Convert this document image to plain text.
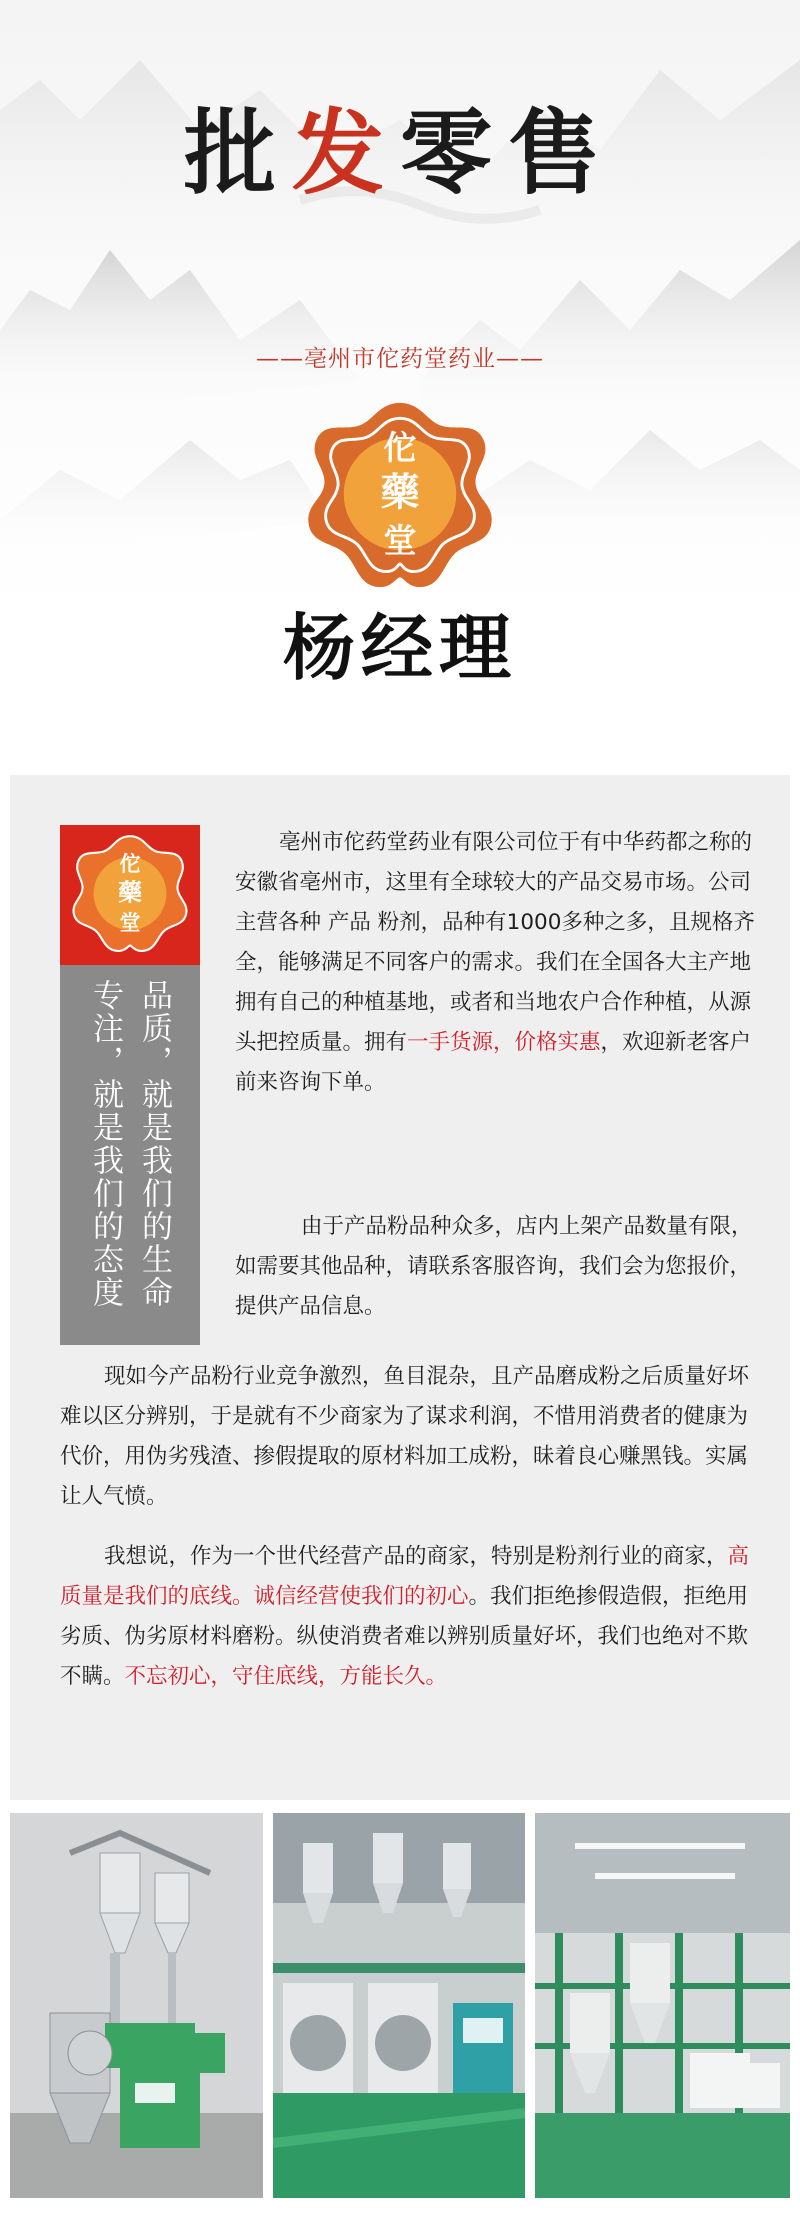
批发零售
——亳州市佗药堂药业——
佗
藥
堂
杨经理
佗
藥
堂
品质，就是我们的生命
专注，就是我们的态度

亳州市佗药堂药业有限公司位于有中华药都之称的安徽省亳州市，这里有全球较大的产品交易市场。公司主营各种 产品 粉剂，品种有1000多种之多，且规格齐全，能够满足不同客户的需求。我们在全国各大主产地拥有自己的种植基地，或者和当地农户合作种植，从源头把控质量。拥有一手货源，价格实惠，欢迎新老客户前来咨询下单。

由于产品粉品种众多，店内上架产品数量有限，如需要其他品种，请联系客服咨询，我们会为您报价，提供产品信息。

现如今产品粉行业竞争激烈，鱼目混杂，且产品磨成粉之后质量好坏难以区分辨别，于是就有不少商家为了谋求利润，不惜用消费者的健康为代价，用伪劣残渣、掺假提取的原材料加工成粉，昧着良心赚黑钱。实属让人气愤。

我想说，作为一个世代经营产品的商家，特别是粉剂行业的商家，高质量是我们的底线。诚信经营使我们的初心。我们拒绝掺假造假，拒绝用劣质、伪劣原材料磨粉。纵使消费者难以辨别质量好坏，我们也绝对不欺不瞒。不忘初心，守住底线，方能长久。
